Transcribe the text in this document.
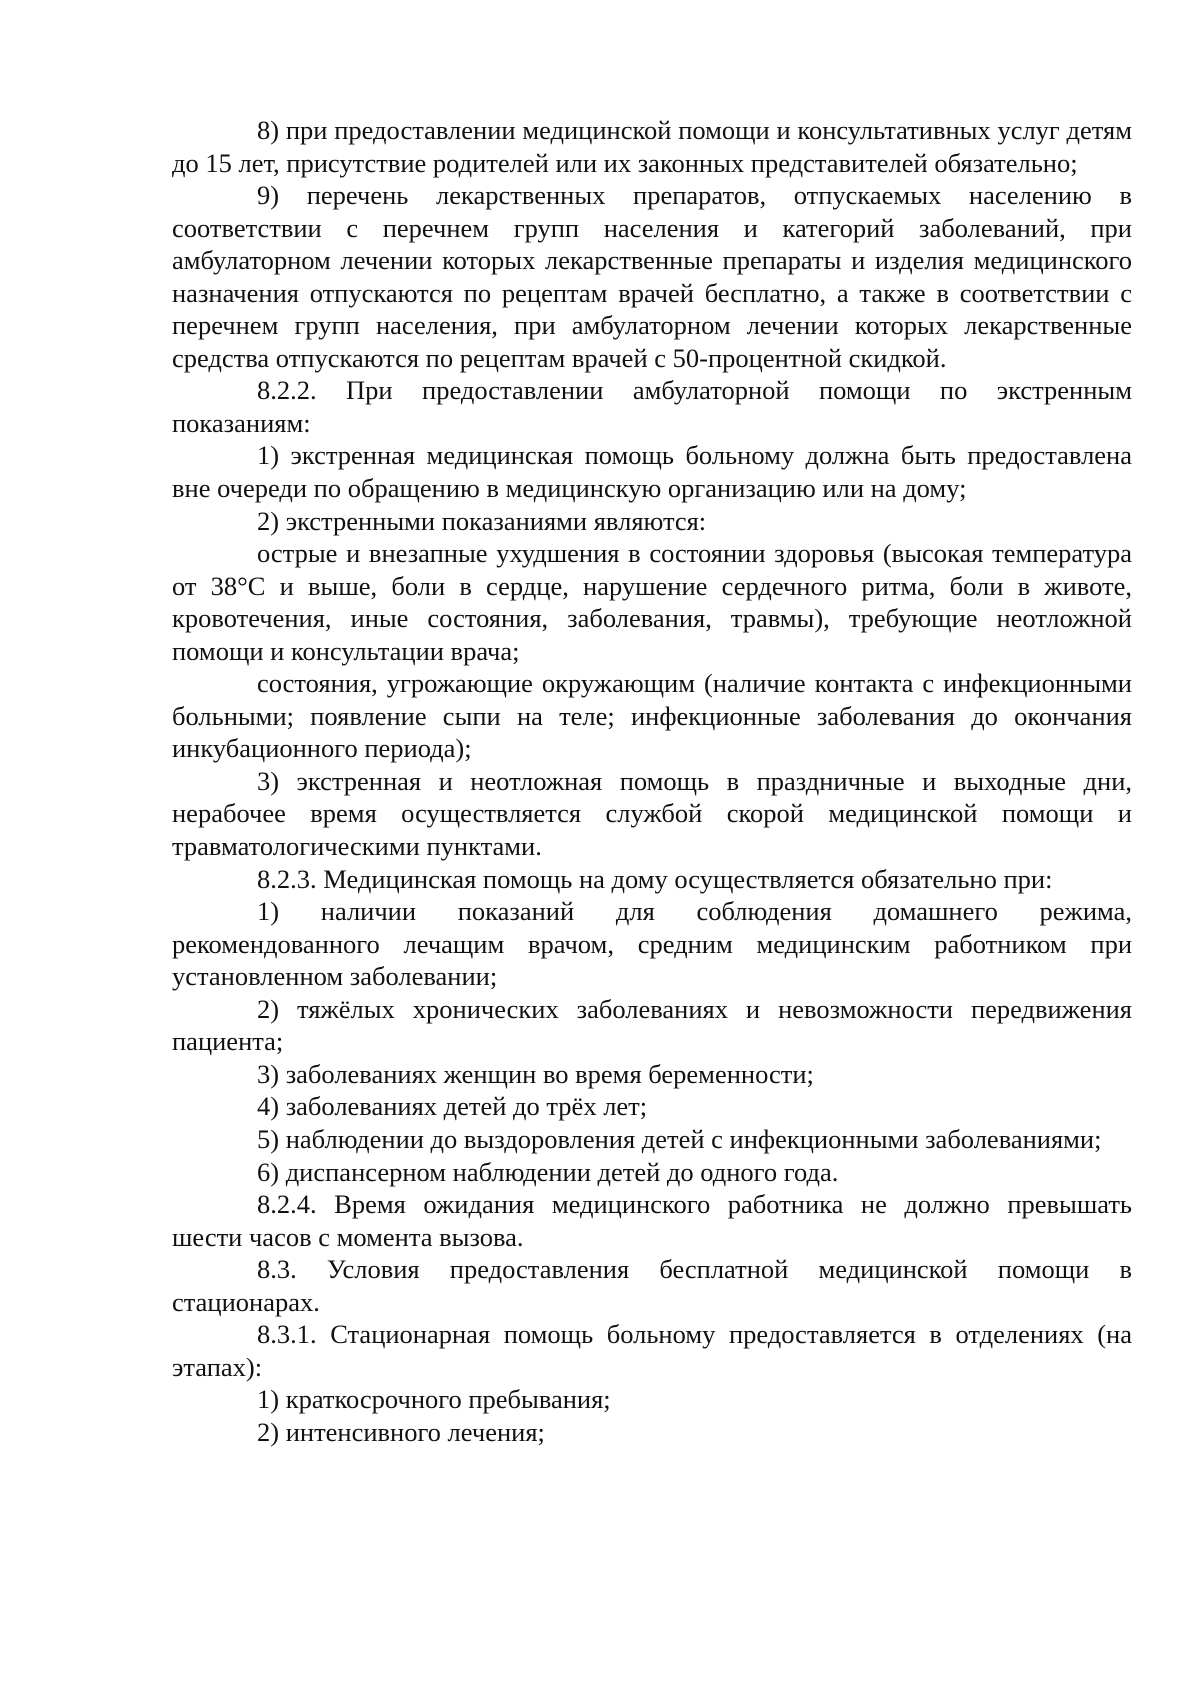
8) при предоставлении медицинской помощи и консультативных услуг детям до 15 лет, присутствие родителей или их законных представителей обязательно;

9) перечень лекарственных препаратов, отпускаемых населению в соответствии с перечнем групп населения и категорий заболеваний, при амбулаторном лечении которых лекарственные препараты и изделия медицинского назначения отпускаются по рецептам врачей бесплатно, а также в соответствии с перечнем групп населения, при амбулаторном лечении которых лекарственные средства отпускаются по рецептам врачей с 50-процентной скидкой.

8.2.2. При предоставлении амбулаторной помощи по экстренным показаниям:

1) экстренная медицинская помощь больному должна быть предоставлена вне очереди по обращению в медицинскую организацию или на дому;

2) экстренными показаниями являются:

острые и внезапные ухудшения в состоянии здоровья (высокая температура от 38°С и выше, боли в сердце, нарушение сердечного ритма, боли в животе, кровотечения, иные состояния, заболевания, травмы), требующие неотложной помощи и консультации врача;

состояния, угрожающие окружающим (наличие контакта с инфекционными больными; появление сыпи на теле; инфекционные заболевания до окончания инкубационного периода);

3) экстренная и неотложная помощь в праздничные и выходные дни, нерабочее время осуществляется службой скорой медицинской помощи и травматологическими пунктами.

8.2.3. Медицинская помощь на дому осуществляется обязательно при:

1) наличии показаний для соблюдения домашнего режима, рекомендованного лечащим врачом, средним медицинским работником при установленном заболевании;

2) тяжёлых хронических заболеваниях и невозможности передвижения пациента;

3) заболеваниях женщин во время беременности;

4) заболеваниях детей до трёх лет;

5) наблюдении до выздоровления детей с инфекционными заболеваниями;

6) диспансерном наблюдении детей до одного года.

8.2.4. Время ожидания медицинского работника не должно превышать шести часов с момента вызова.

8.3. Условия предоставления бесплатной медицинской помощи в стационарах.

8.3.1. Стационарная помощь больному предоставляется в отделениях (на этапах):

1) краткосрочного пребывания;

2) интенсивного лечения;
